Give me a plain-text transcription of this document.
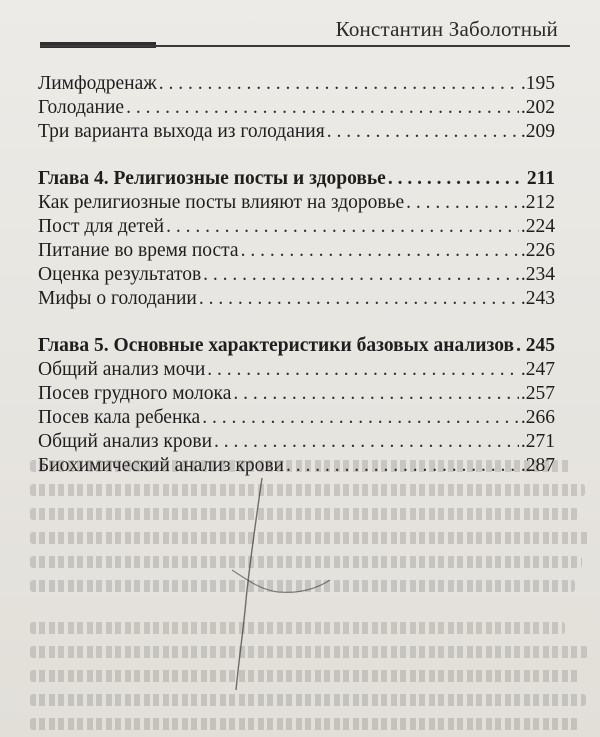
Константин Заболотный
Лимфодренаж . . .	.195
Голодание . . .	.202
Три варианта выхода из голодания . . .	.209
Глава 4. Религиозные посты и здоровье . . .	211
Как религиозные посты влияют на здоровье . . .	.212
Пост для детей . . .	.224
Питание во время поста . . .	.226
Оценка результатов . . .	.234
Мифы о голодании . . .	.243
Глава 5. Основные характеристики базовых анализов . . . 245
Общий анализ мочи . . .	.247
Посев грудного молока . . .	.257
Посев кала ребенка . . .	.266
Общий анализ крови . . .	.271
Биохимический анализ крови . . .	.287
